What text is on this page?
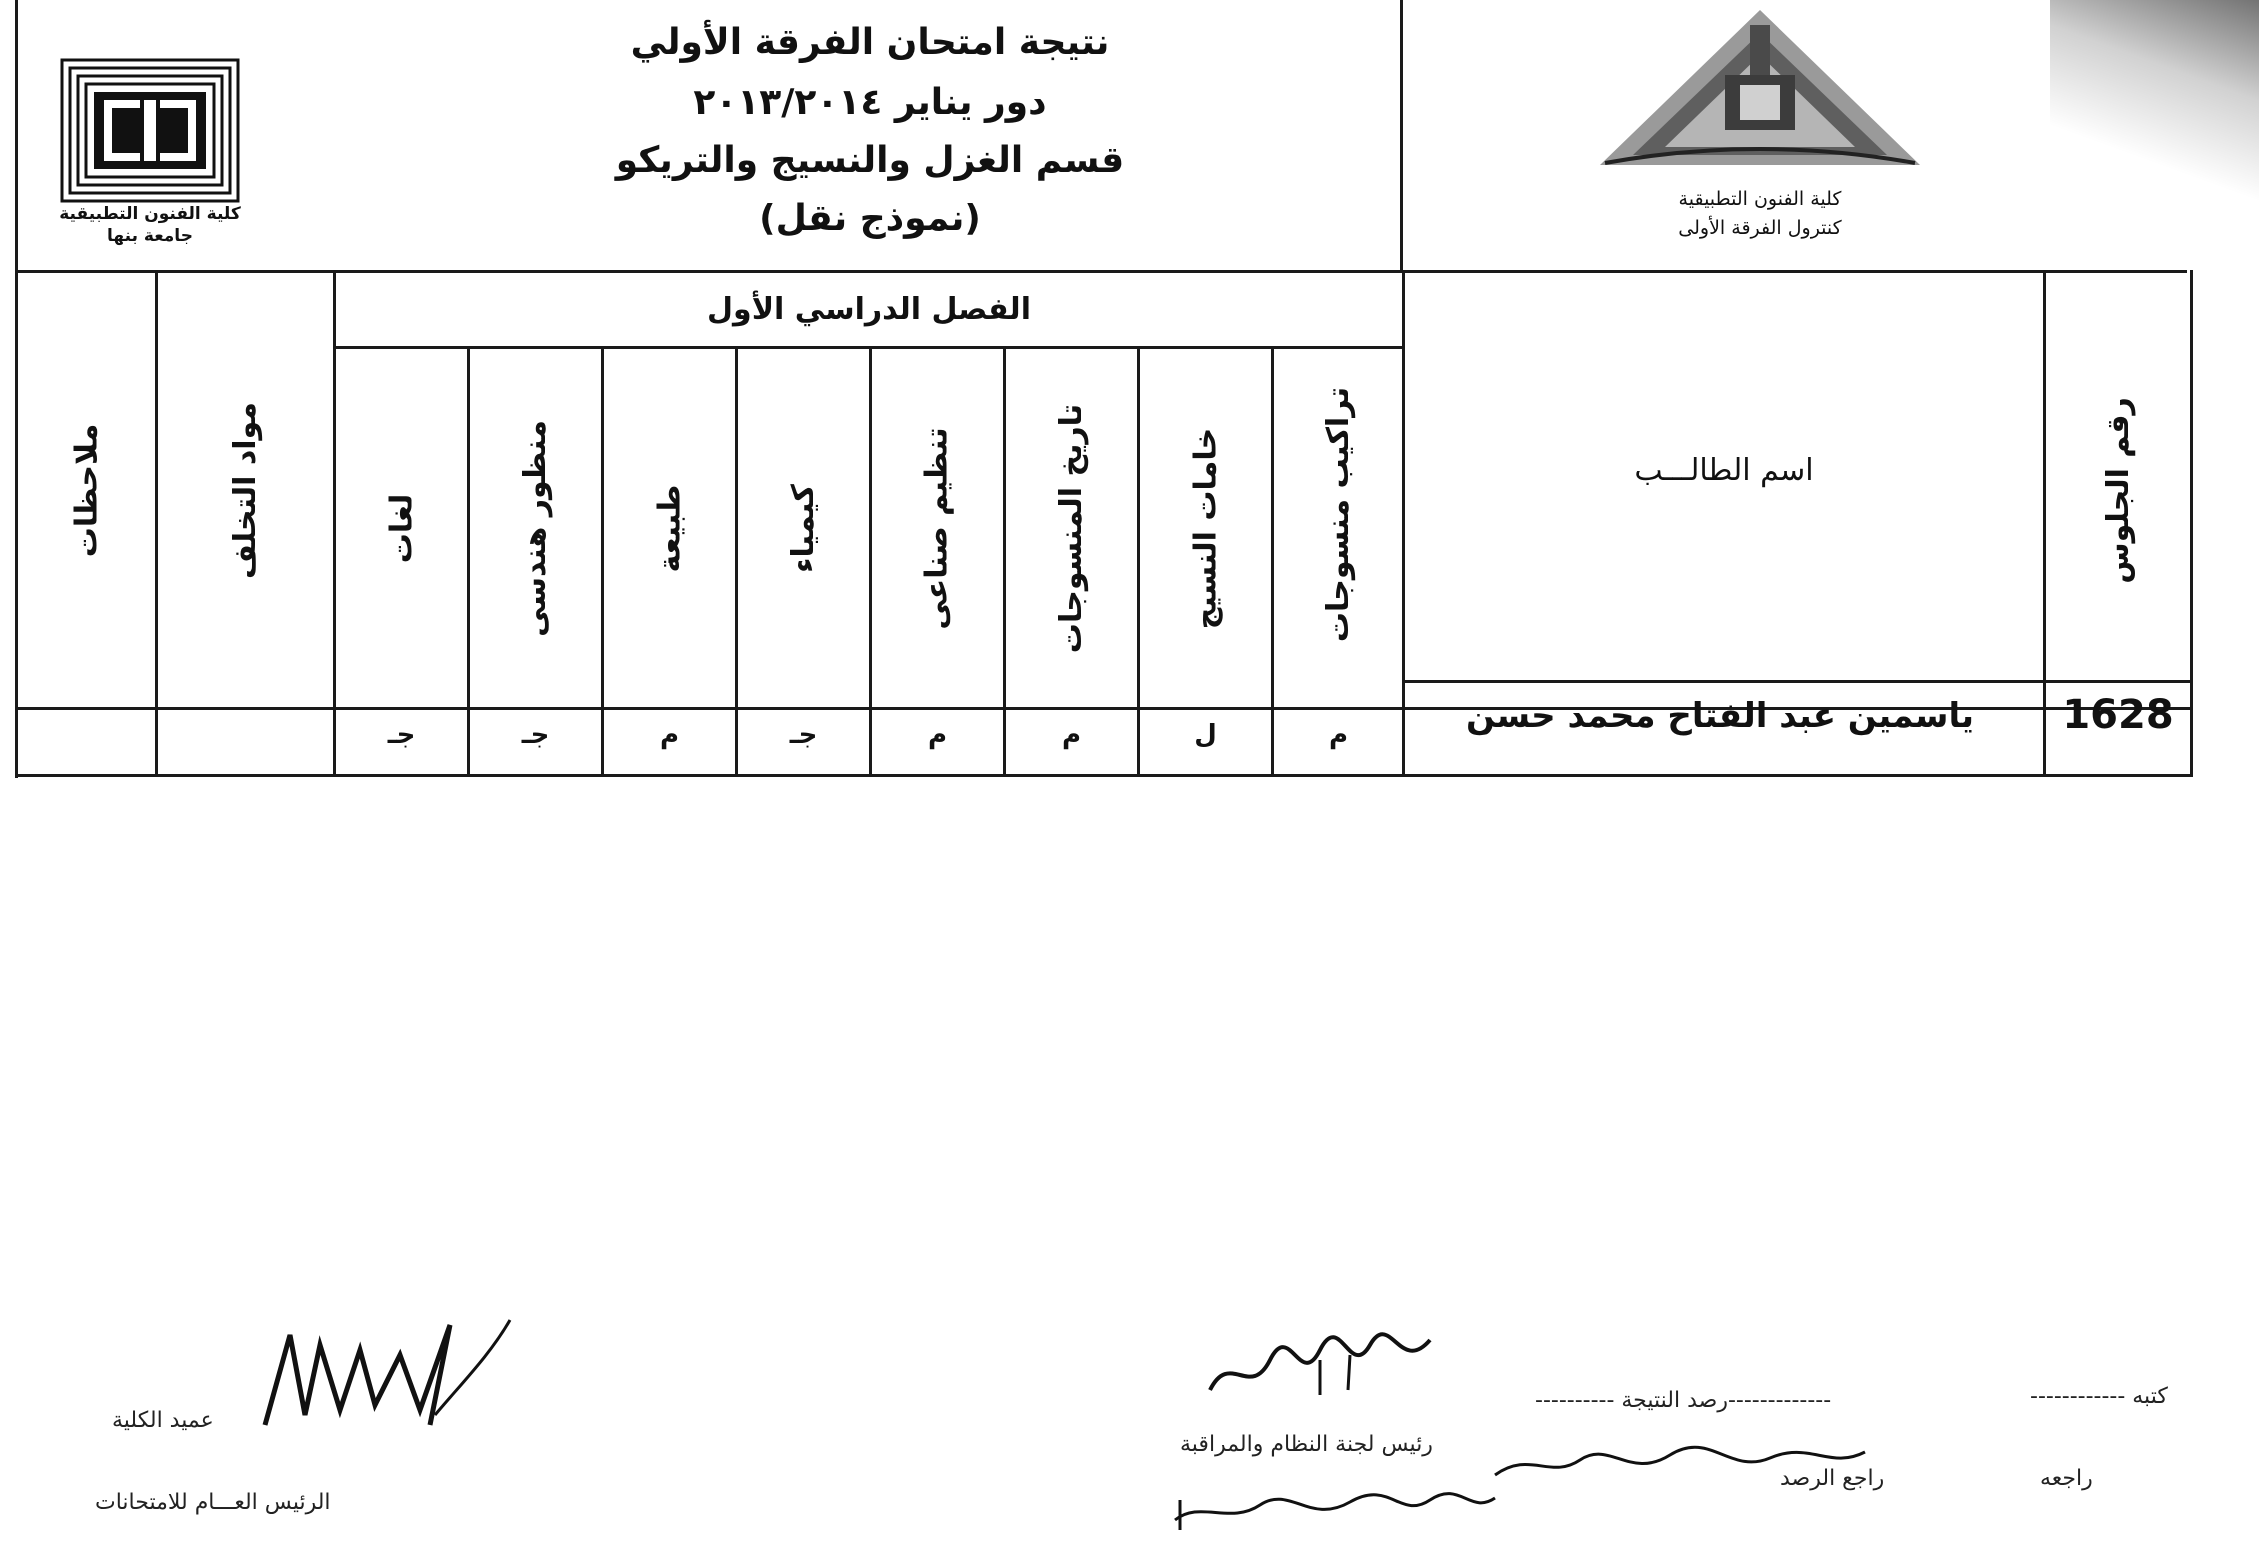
كلية الفنون التطبيقية
جامعة بنها
نتيجة امتحان الفرقة الأولي
دور يناير ٢٠١٣/٢٠١٤
قسم الغزل والنسيج والتريكو
(نموذج نقل)	كلية الفنون التطبيقية
كنترول الفرقة الأولى
الفصل الدراسي الأول
رقم الجلوس
اسم الطالـــب
تراكيب منسوجات
خامات النسيج
تاريخ المنسوجات
تنظيم صناعى
كيمياء
طبيعة
منظور هندسى
لغات
مواد التخلف
ملاحظات
1628
ياسمين عبد الفتاح محمد حسن
م
ل
م
م
جـ
م
جـ
جـ
كتبه ------------
-------------رصد النتيجة ----------
رئيس لجنة النظام والمراقبة
راجعه
راجع الرصد
عميد الكلية
الرئيس العـــام للامتحانات
